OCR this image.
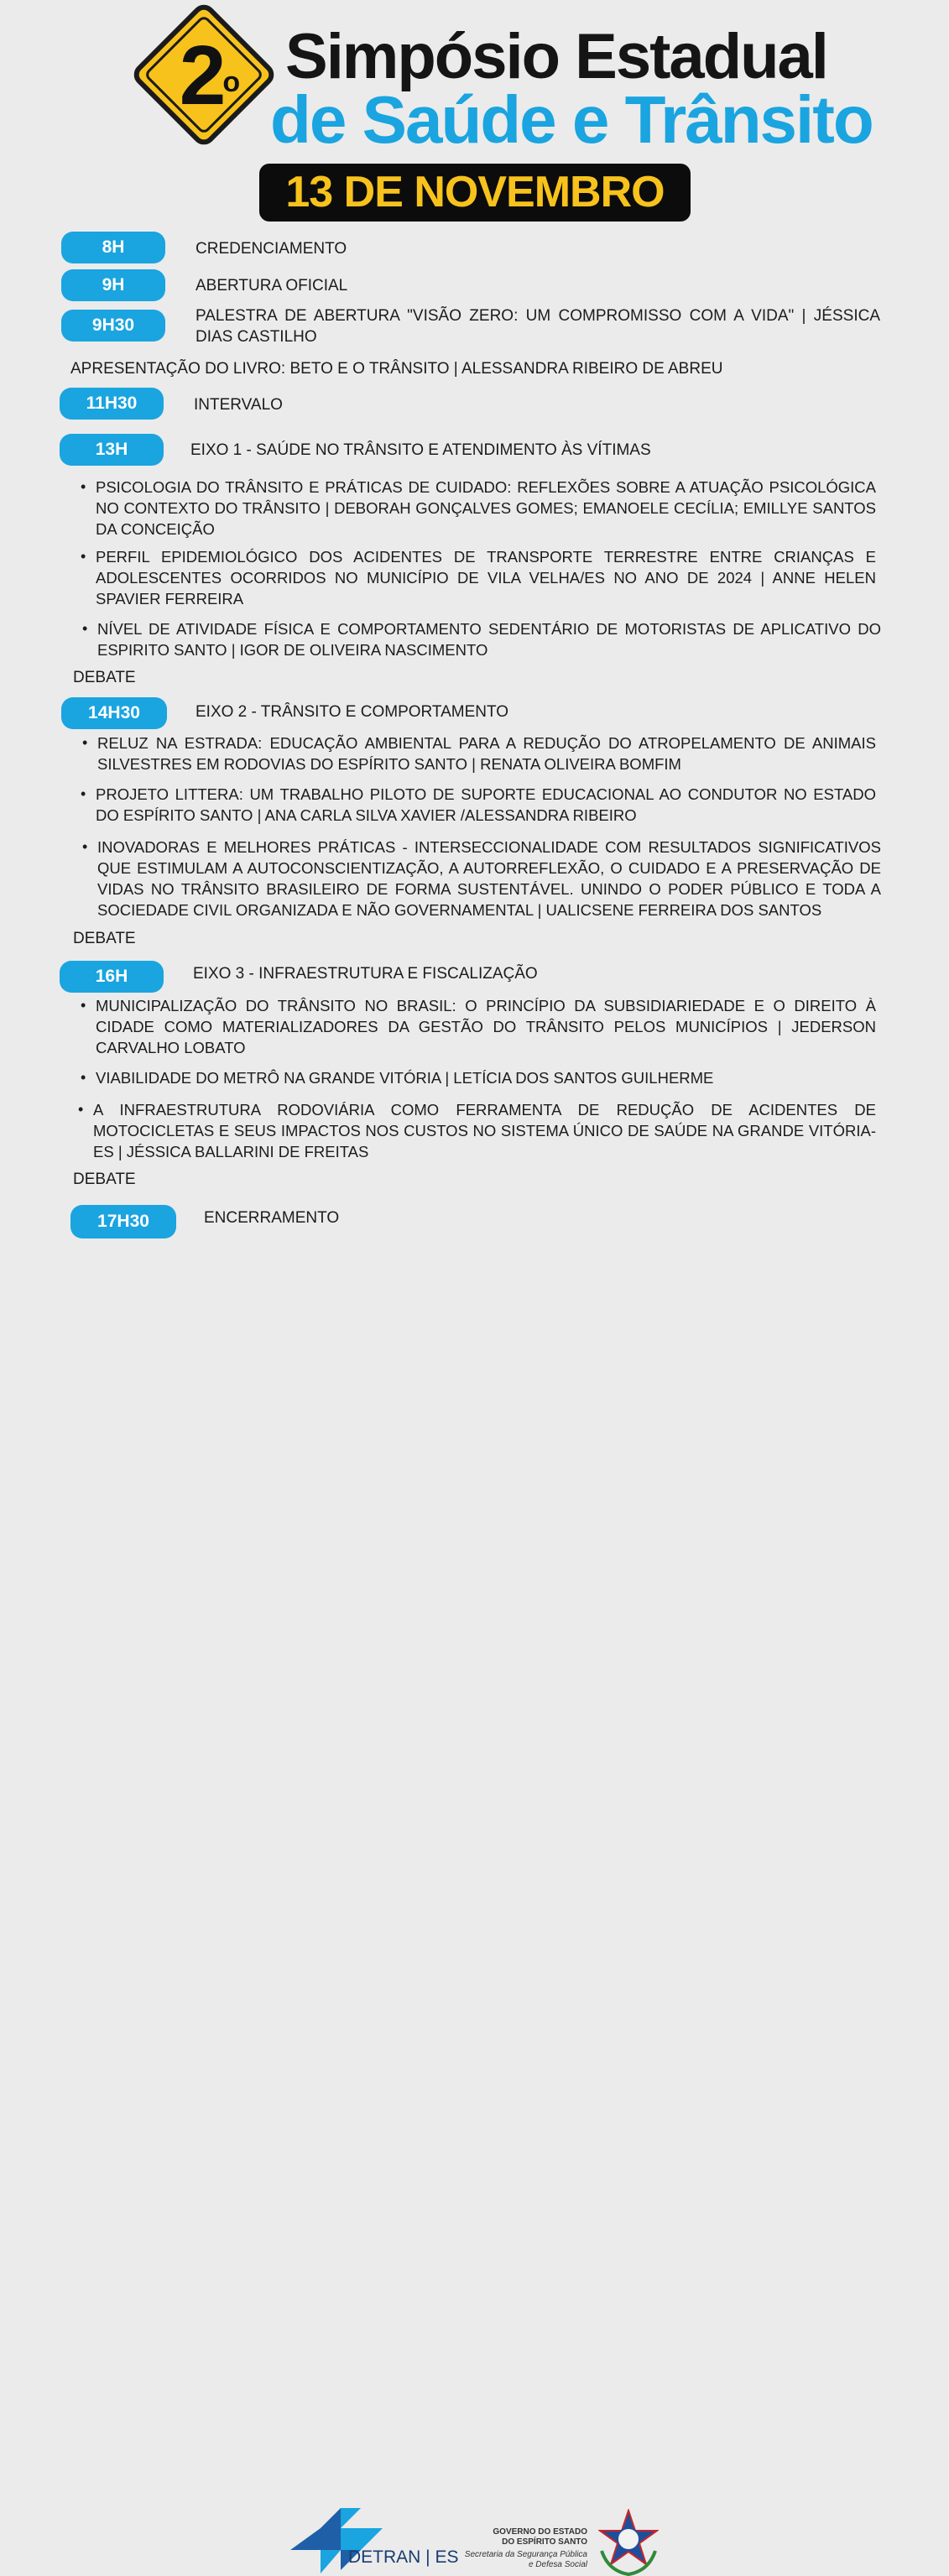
2$^o$ Simpósio Estadual
de Saúde e Trânsito
13 DE NOVEMBRO
8H	CREDENCIAMENTO
9H	ABERTURA OFICIAL
9H30	PALESTRA DE ABERTURA "VISÃO ZERO: UM COMPROMISSO COM A VIDA" | JÉSSICA DIAS CASTILHO
APRESENTAÇÃO DO LIVRO: BETO E O TRÂNSITO | ALESSANDRA RIBEIRO DE ABREU
11H30	INTERVALO
13H	EIXO 1 - SAÚDE NO TRÂNSITO E ATENDIMENTO ÀS VÍTIMAS
• PSICOLOGIA DO TRÂNSITO E PRÁTICAS DE CUIDADO: REFLEXÕES SOBRE A ATUAÇÃO PSICOLÓGICA NO CONTEXTO DO TRÂNSITO | DEBORAH GONÇALVES GOMES; EMANOELE CECÍLIA; EMILLYE SANTOS DA CONCEIÇÃO
• PERFIL EPIDEMIOLÓGICO DOS ACIDENTES DE TRANSPORTE TERRESTRE ENTRE CRIANÇAS E ADOLESCENTES OCORRIDOS NO MUNICÍPIO DE VILA VELHA/ES NO ANO DE 2024 | ANNE HELEN SPAVIER FERREIRA
• NÍVEL DE ATIVIDADE FÍSICA E COMPORTAMENTO SEDENTÁRIO DE MOTORISTAS DE APLICATIVO DO ESPIRITO SANTO | IGOR DE OLIVEIRA NASCIMENTO
DEBATE
14H30	EIXO 2 - TRÂNSITO E COMPORTAMENTO
• RELUZ NA ESTRADA: EDUCAÇÃO AMBIENTAL PARA A REDUÇÃO DO ATROPELAMENTO DE ANIMAIS SILVESTRES EM RODOVIAS DO ESPÍRITO SANTO | RENATA OLIVEIRA BOMFIM
• PROJETO LITTERA: UM TRABALHO PILOTO DE SUPORTE EDUCACIONAL AO CONDUTOR NO ESTADO DO ESPÍRITO SANTO | ANA CARLA SILVA XAVIER /ALESSANDRA RIBEIRO
• INOVADORAS E MELHORES PRÁTICAS - INTERSECCIONALIDADE COM RESULTADOS SIGNIFICATIVOS QUE ESTIMULAM A AUTOCONSCIENTIZAÇÃO, A AUTORREFLEXÃO, O CUIDADO E A PRESERVAÇÃO DE VIDAS NO TRÂNSITO BRASILEIRO DE FORMA SUSTENTÁVEL. UNINDO O PODER PÚBLICO E TODA A SOCIEDADE CIVIL ORGANIZADA E NÃO GOVERNAMENTAL | UALICSENE FERREIRA DOS SANTOS
DEBATE
16H	EIXO 3 - INFRAESTRUTURA E FISCALIZAÇÃO
• MUNICIPALIZAÇÃO DO TRÂNSITO NO BRASIL: O PRINCÍPIO DA SUBSIDIARIEDADE E O DIREITO À CIDADE COMO MATERIALIZADORES DA GESTÃO DO TRÂNSITO PELOS MUNICÍPIOS | JEDERSON CARVALHO LOBATO
• VIABILIDADE DO METRÔ NA GRANDE VITÓRIA | LETÍCIA DOS SANTOS GUILHERME
• A INFRAESTRUTURA RODOVIÁRIA COMO FERRAMENTA DE REDUÇÃO DE ACIDENTES DE MOTOCICLETAS E SEUS IMPACTOS NOS CUSTOS NO SISTEMA ÚNICO DE SAÚDE NA GRANDE VITÓRIA-ES | JÉSSICA BALLARINI DE FREITAS
DEBATE
17H30	ENCERRAMENTO
DETRAN | ES
GOVERNO DO ESTADO
DO ESPÍRITO SANTO
Secretaria da Segurança Pública
e Defesa Social
